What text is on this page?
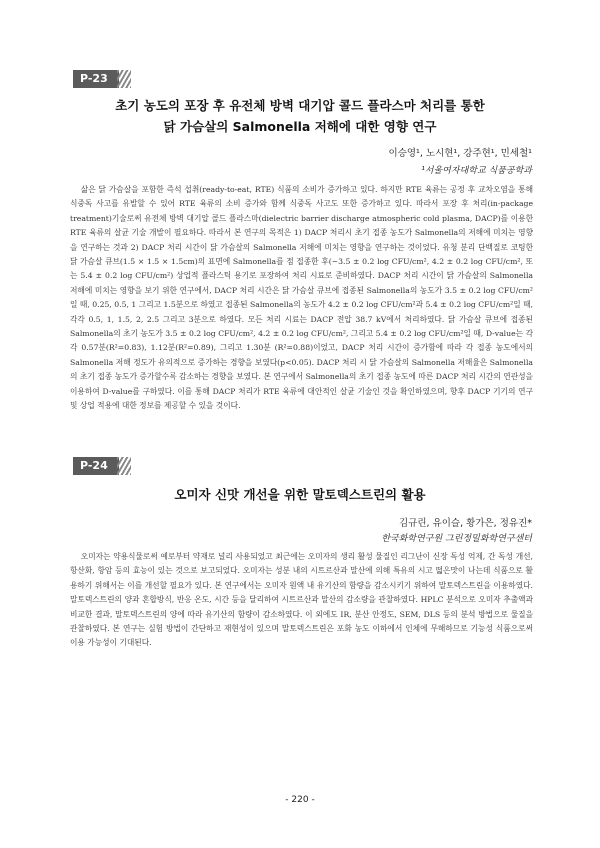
P-23
초기 농도의 포장 후 유전체 방벽 대기압 콜드 플라스마 처리를 통한
닭 가슴살의 Salmonella 저해에 대한 영향 연구
이승영¹, 노시현¹, 강주현¹, 민세철¹
¹서울여자대학교 식품공학과

삶은 닭 가슴살을 포함한 즉석 섭취(ready-to-eat, RTE) 식품의 소비가 증가하고 있다. 하지만 RTE 육류는 공정 후 교차오염을 통해 식중독 사고를 유발할 수 있어 RTE 육류의 소비 증가와 함께 식중독 사고도 또한 증가하고 있다. 따라서 포장 후 처리(in-package treatment)기술로써 유전체 방벽 대기압 콜드 플라스마(dielectric barrier discharge atmospheric cold plasma, DACP)를 이용한 RTE 육류의 살균 기술 개발이 필요하다. 따라서 본 연구의 목적은 1) DACP 처리시 초기 접종 농도가 Salmonella의 저해에 미치는 영향을 연구하는 것과 2) DACP 처리 시간이 닭 가슴살의 Salmonella 저해에 미치는 영향을 연구하는 것이었다. 유청 분리 단백질로 코팅한 닭 가슴살 큐브(1.5 × 1.5 × 1.5cm)의 표면에 Salmonella를 점 접종한 후(~3.5 ± 0.2 log CFU/cm², 4.2 ± 0.2 log CFU/cm², 또는 5.4 ± 0.2 log CFU/cm²) 상업적 플라스틱 용기로 포장하여 처리 시료로 준비하였다. DACP 처리 시간이 닭 가슴살의 Salmonella 저해에 미치는 영향을 보기 위한 연구에서, DACP 처리 시간은 닭 가슴살 큐브에 접종된 Salmonella의 농도가 3.5 ± 0.2 log CFU/cm²일 때, 0.25, 0.5, 1 그리고 1.5분으로 하였고 접종된 Salmonella의 농도가 4.2 ± 0.2 log CFU/cm²과 5.4 ± 0.2 log CFU/cm²일 때, 각각 0.5, 1, 1.5, 2, 2.5 그리고 3분으로 하였다. 모든 처리 시료는 DACP 전압 38.7 kV에서 처리하였다. 닭 가슴살 큐브에 접종된 Salmonella의 초기 농도가 3.5 ± 0.2 log CFU/cm², 4.2 ± 0.2 log CFU/cm², 그리고 5.4 ± 0.2 log CFU/cm²일 때, D-value는 각각 0.57분(R²=0.83), 1.12분(R²=0.89), 그리고 1.30분 (R²=0.88)이었고, DACP 처리 시간이 증가함에 따라 각 접종 농도에서의 Salmonella 저해 정도가 유의적으로 증가하는 경향을 보였다(p<0.05). DACP 처리 시 닭 가슴살의 Salmonella 저해율은 Salmonella의 초기 접종 농도가 증가할수록 감소하는 경향을 보였다. 본 연구에서 Salmonella의 초기 접종 농도에 따른 DACP 처리 시간의 연관성을 이용하여 D-value를 구하였다. 이를 통해 DACP 처리가 RTE 육류에 대안적인 살균 기술인 것을 확인하였으며, 향후 DACP 기기의 연구 및 상업 적용에 대한 정보를 제공할 수 있을 것이다.

P-24
오미자 신맛 개선을 위한 말토덱스트린의 활용
김규린, 유이슬, 황가은, 정유진*
한국화학연구원 그린정밀화학연구센터

오미자는 약용식물로써 예로부터 약재로 널리 사용되었고 최근에는 오미자의 생리 활성 물질인 리그난이 신장 독성 억제, 간 독성 개선, 항산화, 항암 등의 효능이 있는 것으로 보고되었다. 오미자는 성분 내의 시트르산과 말산에 의해 특유의 시고 떫은맛이 나는데 식품으로 활용하기 위해서는 이를 개선할 필요가 있다. 본 연구에서는 오미자 원액 내 유기산의 함량을 감소시키기 위하여 말토덱스트린을 이용하였다. 말토덱스트린의 양과 혼합방식, 반응 온도, 시간 등을 달리하여 시트르산과 말산의 감소량을 관찰하였다. HPLC 분석으로 오미자 추출액과 비교한 결과, 말토덱스트린의 양에 따라 유기산의 함량이 감소하였다. 이 외에도 IR, 분산 안정도, SEM, DLS 등의 분석 방법으로 물질을 관찰하였다. 본 연구는 실험 방법이 간단하고 재현성이 있으며 말토덱스트린은 포화 농도 이하에서 인체에 무해하므로 기능성 식품으로써 이용 가능성이 기대된다.

- 220 -
